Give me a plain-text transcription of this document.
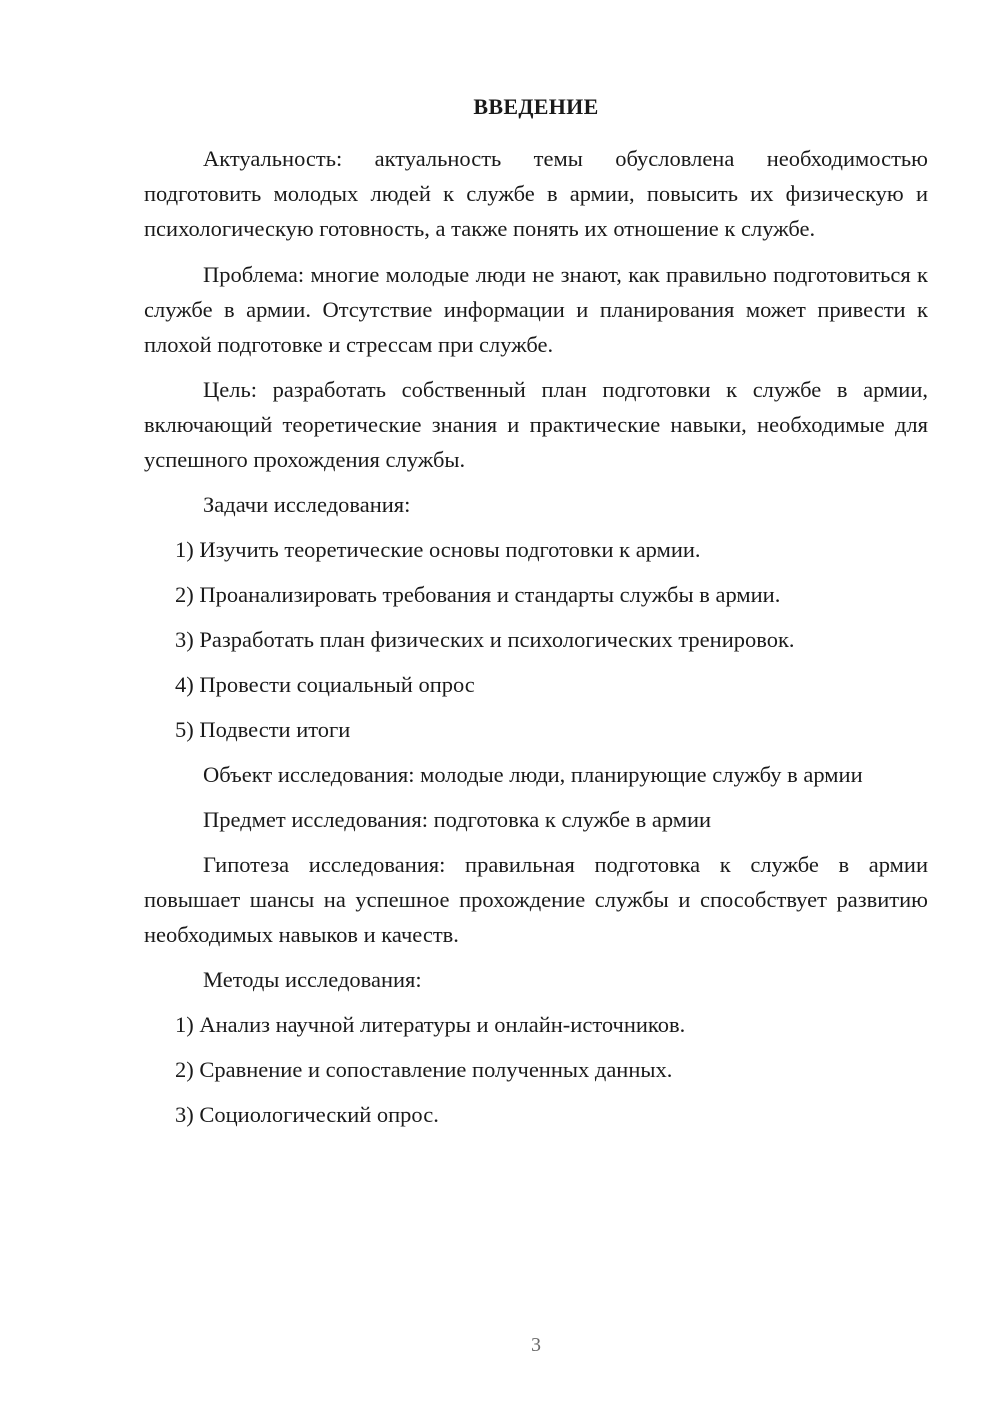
ВВЕДЕНИЕ

Актуальность: актуальность темы обусловлена необходимостью подготовить молодых людей к службе в армии, повысить их физическую и психологическую готовность, а также понять их отношение к службе.

Проблема: многие молодые люди не знают, как правильно подготовиться к службе в армии. Отсутствие информации и планирования может привести к плохой подготовке и стрессам при службе.

Цель: разработать собственный план подготовки к службе в армии, включающий теоретические знания и практические навыки, необходимые для успешного прохождения службы.

Задачи исследования:

1) Изучить теоретические основы подготовки к армии.

2) Проанализировать требования и стандарты службы в армии.

3) Разработать план физических и психологических тренировок.

4) Провести социальный опрос

5) Подвести итоги

Объект исследования: молодые люди, планирующие службу в армии

Предмет исследования: подготовка к службе в армии

Гипотеза исследования: правильная подготовка к службе в армии повышает шансы на успешное прохождение службы и способствует развитию необходимых навыков и качеств.

Методы исследования:

1) Анализ научной литературы и онлайн-источников.

2) Сравнение и сопоставление полученных данных.

3) Социологический опрос.

3
